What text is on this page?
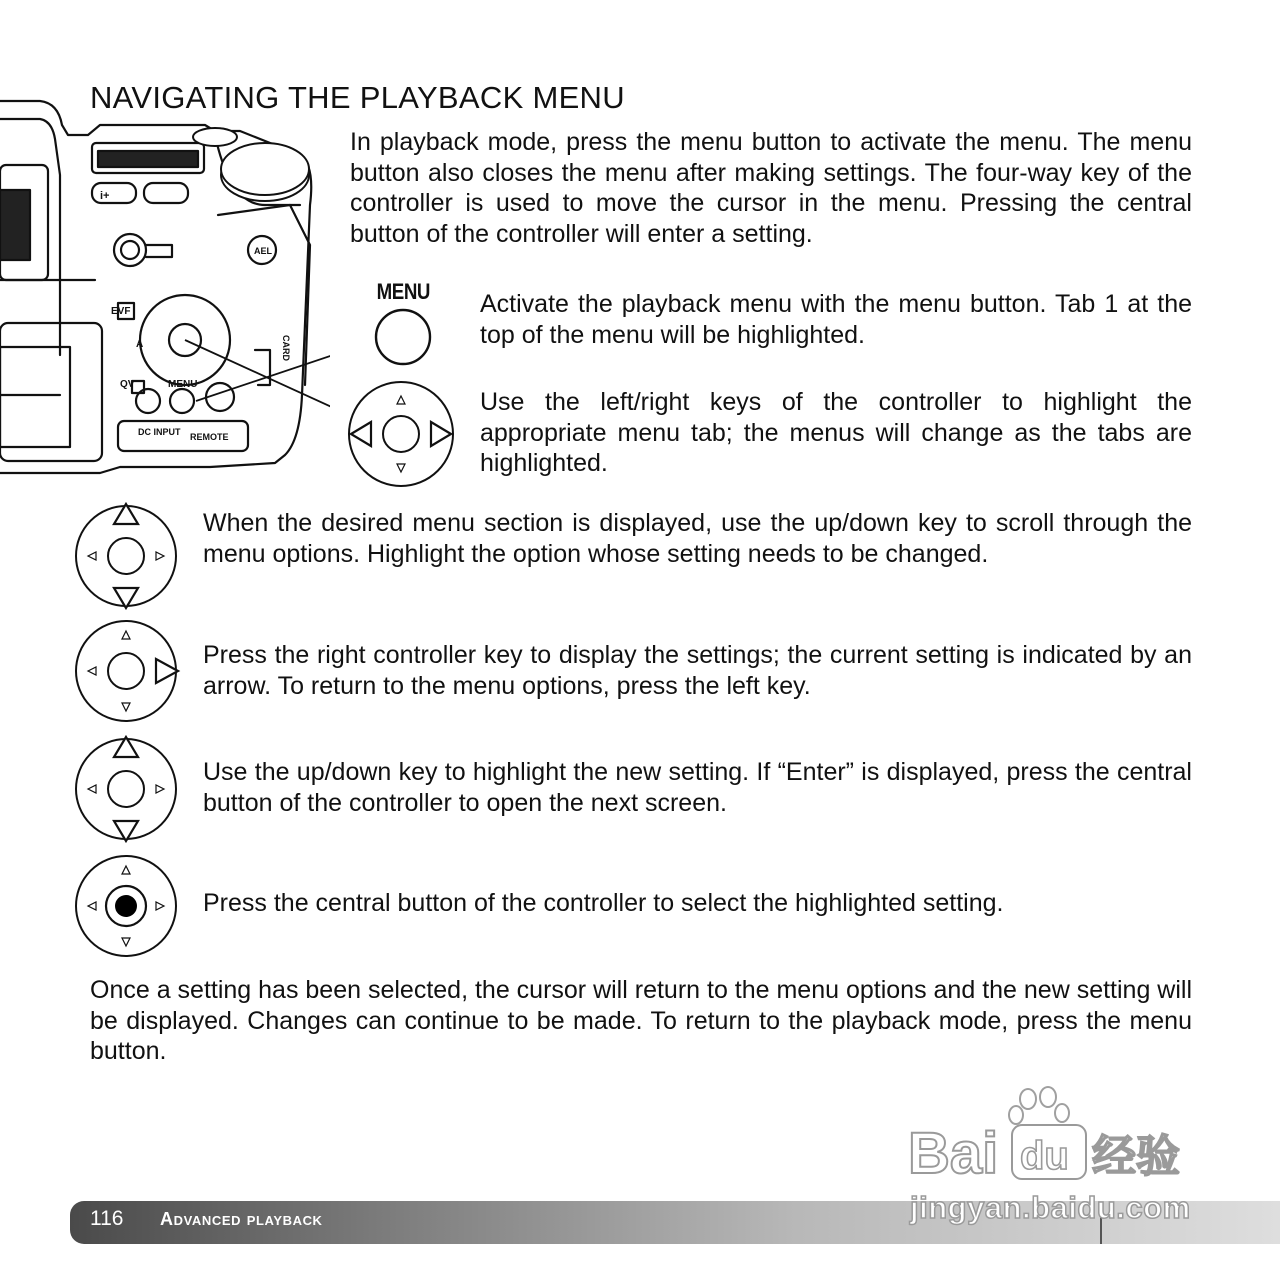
NAVIGATING THE PLAYBACK MENU

In playback mode, press the menu button to activate the menu. The menu button also closes the menu after making settings. The four-way key of the controller is used to move the cursor in the menu. Pressing the central button of the controller will enter a setting.

i+
AEL
EVF
A
QV	MENU
DC INPUT REMOTE
CARD
MENU Activate the playback menu with the menu button. Tab 1 at the top of the menu will be highlighted.

Use the left/right keys of the controller to highlight the appropriate menu tab; the menus will change as the tabs are highlighted.

When the desired menu section is displayed, use the up/down key to scroll through the menu options. Highlight the option whose setting needs to be changed.

Press the right controller key to display the settings; the current setting is indicated by an arrow. To return to the menu options, press the left key.

Use the up/down key to highlight the new setting. If “Enter” is displayed, press the central button of the controller to open the next screen.

Press the central button of the controller to select the highlighted setting.

Once a setting has been selected, the cursor will return to the menu options and the new setting will be displayed. Changes can continue to be made. To return to the playback mode, press the menu button.

Bai du 经验
116 Advanced playback	jingyan.baidu.com
